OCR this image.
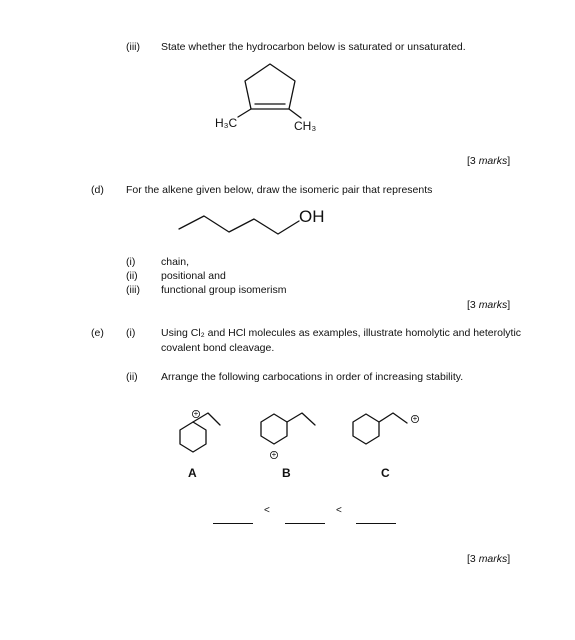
(iii) State whether the hydrocarbon below is saturated or unsaturated.
H₃C	CH₃
[3 marks]
(d) For the alkene given below, draw the isomeric pair that represents
OH
(i) chain,
(ii) positional and
(iii) functional group isomerism
[3 marks]
(e) (i) Using Cl₂ and HCl molecules as examples, illustrate homolytic and heterolytic
covalent bond cleavage.
(ii) Arrange the following carbocations in order of increasing stability.
+
A
+
B
+
C
<	<
[3 marks]
